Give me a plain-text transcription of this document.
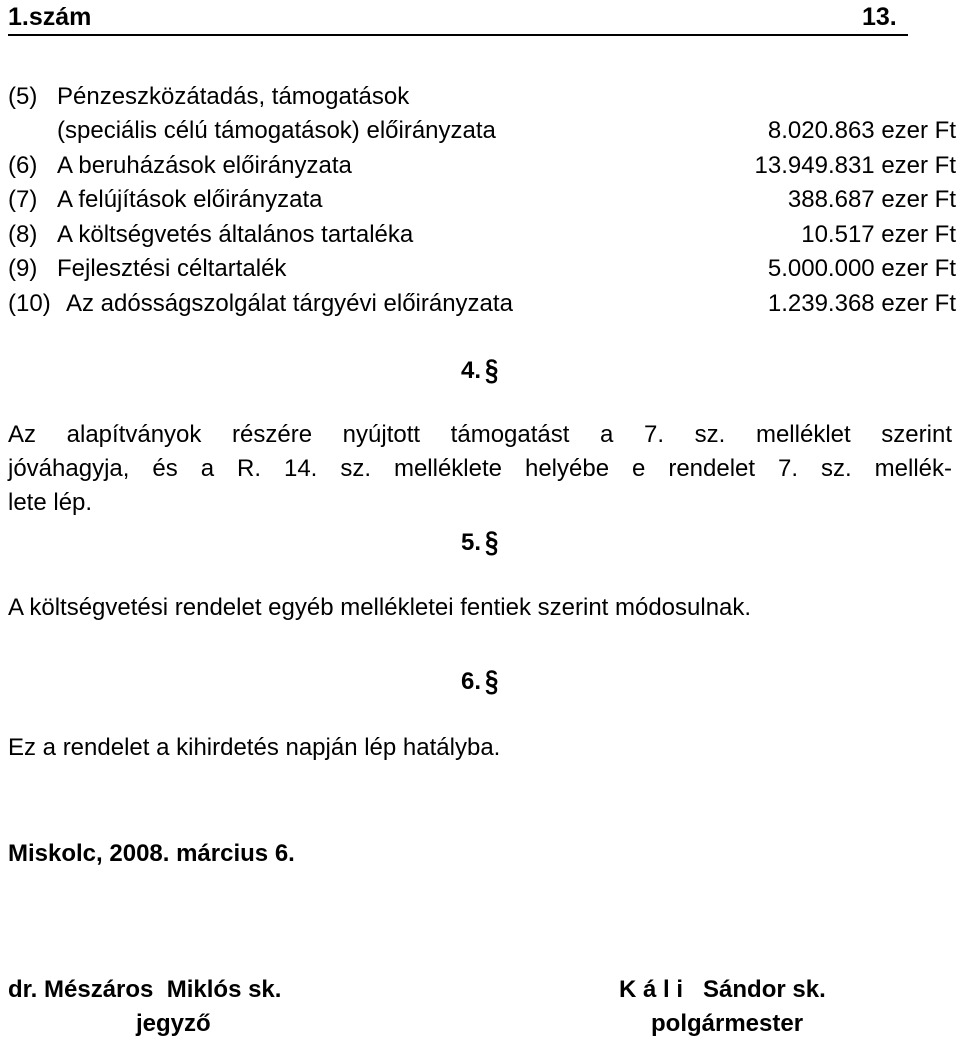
1.szám	13.
(5) Pénzeszközátadás, támogatások
(speciális célú támogatások) előirányzata	8.020.863 ezer Ft
(6) A beruházások előirányzata	13.949.831 ezer Ft
(7) A felújítások előirányzata	388.687 ezer Ft
(8) A költségvetés általános tartaléka	10.517 ezer Ft
(9) Fejlesztési céltartalék	5.000.000 ezer Ft
(10) Az adósságszolgálat tárgyévi előirányzata	1.239.368 ezer Ft
4. §
Az alapítványok részére nyújtott támogatást a 7. sz. melléklet szerint
jóváhagyja, és a R. 14. sz. melléklete helyébe e rendelet 7. sz. mellék-
lete lép.
5. §
A költségvetési rendelet egyéb mellékletei fentiek szerint módosulnak.
6. §
Ez a rendelet a kihirdetés napján lép hatályba.
Miskolc, 2008. március 6.
dr. Mészáros  Miklós sk.
jegyző
K á l i   Sándor sk.
polgármester
